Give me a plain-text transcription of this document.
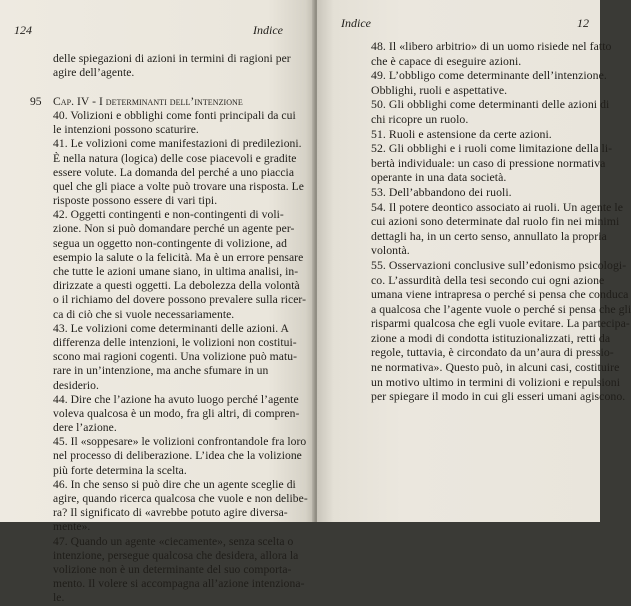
124	Indice
95
delle spiegazioni di azioni in termini di ragioni per
agire dell’agente.
Cap. IV - I determinanti dell’intenzione
40. Volizioni e obblighi come fonti principali da cui
le intenzioni possono scaturire.
41. Le volizioni come manifestazioni di predilezioni.
È nella natura (logica) delle cose piacevoli e gradite
essere volute. La domanda del perché a uno piaccia
quel che gli piace a volte può trovare una risposta. Le
risposte possono essere di vari tipi.
42. Oggetti contingenti e non-contingenti di voli-
zione. Non si può domandare perché un agente per-
segua un oggetto non-contingente di volizione, ad
esempio la salute o la felicità. Ma è un errore pensare
che tutte le azioni umane siano, in ultima analisi, in-
dirizzate a questi oggetti. La debolezza della volontà
o il richiamo del dovere possono prevalere sulla ricer-
ca di ciò che si vuole necessariamente.
43. Le volizioni come determinanti delle azioni. A
differenza delle intenzioni, le volizioni non costitui-
scono mai ragioni cogenti. Una volizione può matu-
rare in un’intenzione, ma anche sfumare in un
desiderio.
44. Dire che l’azione ha avuto luogo perché l’agente
voleva qualcosa è un modo, fra gli altri, di compren-
dere l’azione.
45. Il «soppesare» le volizioni confrontandole fra loro
nel processo di deliberazione. L’idea che la volizione
più forte determina la scelta.
46. In che senso si può dire che un agente sceglie di
agire, quando ricerca qualcosa che vuole e non delibe-
ra? Il significato di «avrebbe potuto agire diversa-
mente».
47. Quando un agente «ciecamente», senza scelta o
intenzione, persegue qualcosa che desidera, allora la
volizione non è un determinante del suo comporta-
mento. Il volere si accompagna all’azione intenziona-
le.
Indice	12
48. Il «libero arbitrio» di un uomo risiede nel fatto
che è capace di eseguire azioni.
49. L’obbligo come determinante dell’intenzione.
Obblighi, ruoli e aspettative.
50. Gli obblighi come determinanti delle azioni di
chi ricopre un ruolo.
51. Ruoli e astensione da certe azioni.
52. Gli obblighi e i ruoli come limitazione della li-
bertà individuale: un caso di pressione normativa
operante in una data società.
53. Dell’abbandono dei ruoli.
54. Il potere deontico associato ai ruoli. Un agente le
cui azioni sono determinate dal ruolo fin nei minimi
dettagli ha, in un certo senso, annullato la propria
volontà.
55. Osservazioni conclusive sull’edonismo psicologi-
co. L’assurdità della tesi secondo cui ogni azione
umana viene intrapresa o perché si pensa che conduca
a qualcosa che l’agente vuole o perché si pensa che gli
risparmi qualcosa che egli vuole evitare. La partecipa-
zione a modi di condotta istituzionalizzati, retti da
regole, tuttavia, è circondato da un’aura di pressio-
ne normativa». Questo può, in alcuni casi, costituire
un motivo ultimo in termini di volizioni e repulsioni
per spiegare il modo in cui gli esseri umani agiscono.
